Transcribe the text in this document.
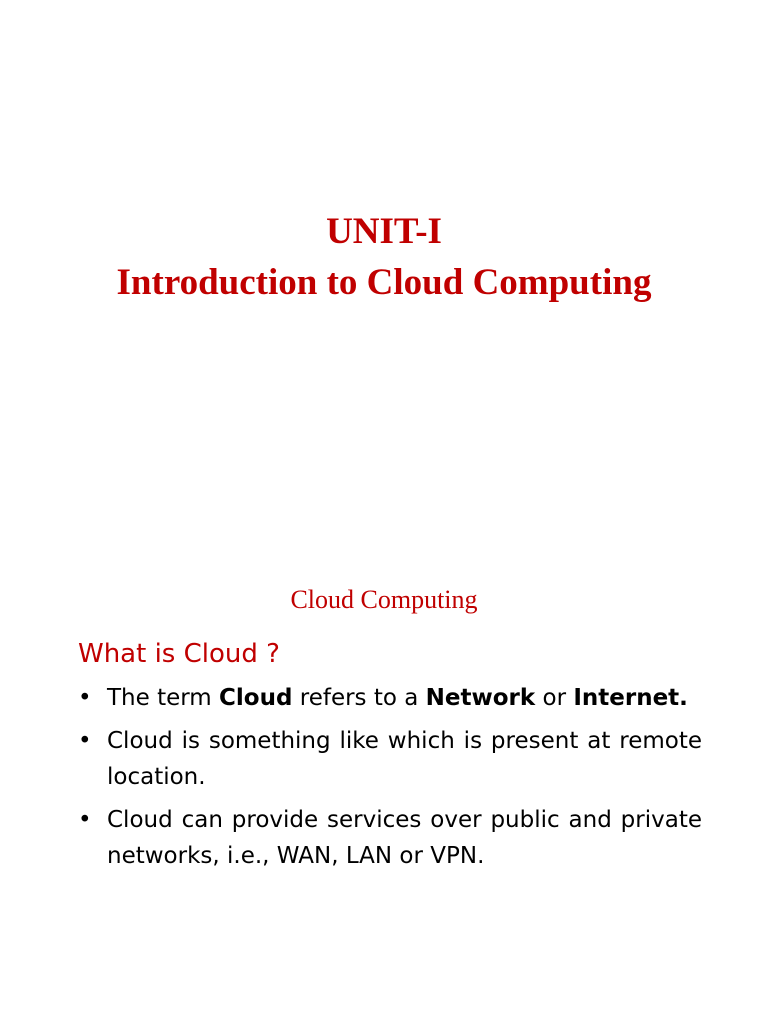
UNIT-I
Introduction to Cloud Computing
Cloud Computing
What is Cloud ?
• The term Cloud refers to a Network or Internet.
• Cloud is something like which is present at remote location.
• Cloud can provide services over public and private networks, i.e., WAN, LAN or VPN.
